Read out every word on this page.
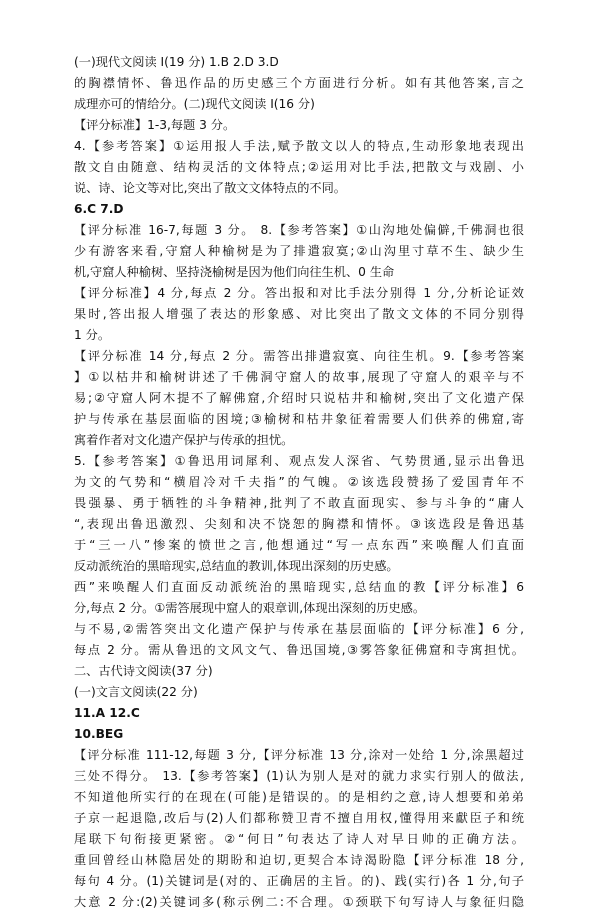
(一)现代文阅读 I(19 分) 1.B 2.D 3.D
的胸襟情怀、鲁迅作品的历史感三个方面进行分析。如有其他答案,言之
成理亦可的情给分。(二)现代文阅读 I(16 分)
【评分标准】1-3,每题 3 分。
4.【参考答案】①运用报人手法,赋予散文以人的特点,生动形象地表现出
散文自由随意、结构灵活的文体特点;②运用对比手法,把散文与戏剧、小
说、诗、论文等对比,突出了散文文体特点的不同。
6.C 7.D
【评分标准 16-7,每题 3 分。 8.【参考答案】①山沟地处偏僻,千佛洞也很
少有游客来看,守窟人种榆树是为了排遣寂寞;②山沟里寸草不生、缺少生
机,守窟人种榆树、坚持浇榆树是因为他们向往生机、0 生命
【评分标准】4 分,每点 2 分。答出报和对比手法分别得 1 分,分析论证效
果时,答出报人增强了表达的形象感、对比突出了散文文体的不同分别得
1 分。
【评分标准 14 分,每点 2 分。需答出排遣寂寞、向往生机。9.【参考答案
】①以枯井和榆树讲述了千佛洞守窟人的故事,展现了守窟人的艰辛与不
易;②守窟人阿木提不了解佛窟,介绍时只说枯井和榆树,突出了文化遗产保
护与传承在基层面临的困境;③榆树和枯井象征着需要人们供养的佛窟,寄
寓着作者对文化遗产保护与传承的担忧。
5.【参考答案】①鲁迅用词犀利、观点发人深省、气势贯通,显示出鲁迅
为文的气势和“横眉冷对千夫指”的气魄。②该选段赞扬了爱国青年不
畏强暴、勇于牺牲的斗争精神,批判了不敢直面现实、参与斗争的“庸人
“,表现出鲁迅激烈、尖刻和决不饶恕的胸襟和情怀。③该选段是鲁迅基
于“三一八”惨案的愤世之言,他想通过“写一点东西”来唤醒人们直面
反动派统治的黑暗现实,总结血的教训,体现出深刻的历史感。
西”来唤醒人们直面反动派统治的黑暗现实,总结血的教【评分标准】6
分,每点 2 分。①需答展现中窟人的艰章训,体现出深刻的历史感。
与不易,②需答突出文化遗产保护与传承在基层面临的【评分标准】6 分,
每点 2 分。需从鲁迅的文风文气、鲁迅国境,③雾答象征佛窟和寺寓担忧。
二、古代诗文阅读(37 分)
(一)文言文阅读(22 分)
11.A 12.C
10.BEG
【评分标准 111-12,每题 3 分,【评分标准 13 分,涂对一处给 1 分,涂黑超过
三处不得分。 13.【参考答案】(1)认为别人是对的就力求实行别人的做法,
不知道他所实行的在现在(可能)是错误的。的是相约之意,诗人想要和弟弟
子京一起退隐,改后与(2)人们都称赞卫青不擅自用权,懂得用来獻臣子和统
尾联下句衔接更紧密。②“何日”句表达了诗人对早日帅的正确方法。
重回曾经山林隐居处的期盼和迫切,更契合本诗渴盼隐【评分标准 18 分,
每句 4 分。(1)关键词是(对的、正确居的主旨。的)、践(实行)各 1 分,句子
大意 2 分:(2)关键词多(称示例二:不合理。①颈联下句写诗人与象征归隐
